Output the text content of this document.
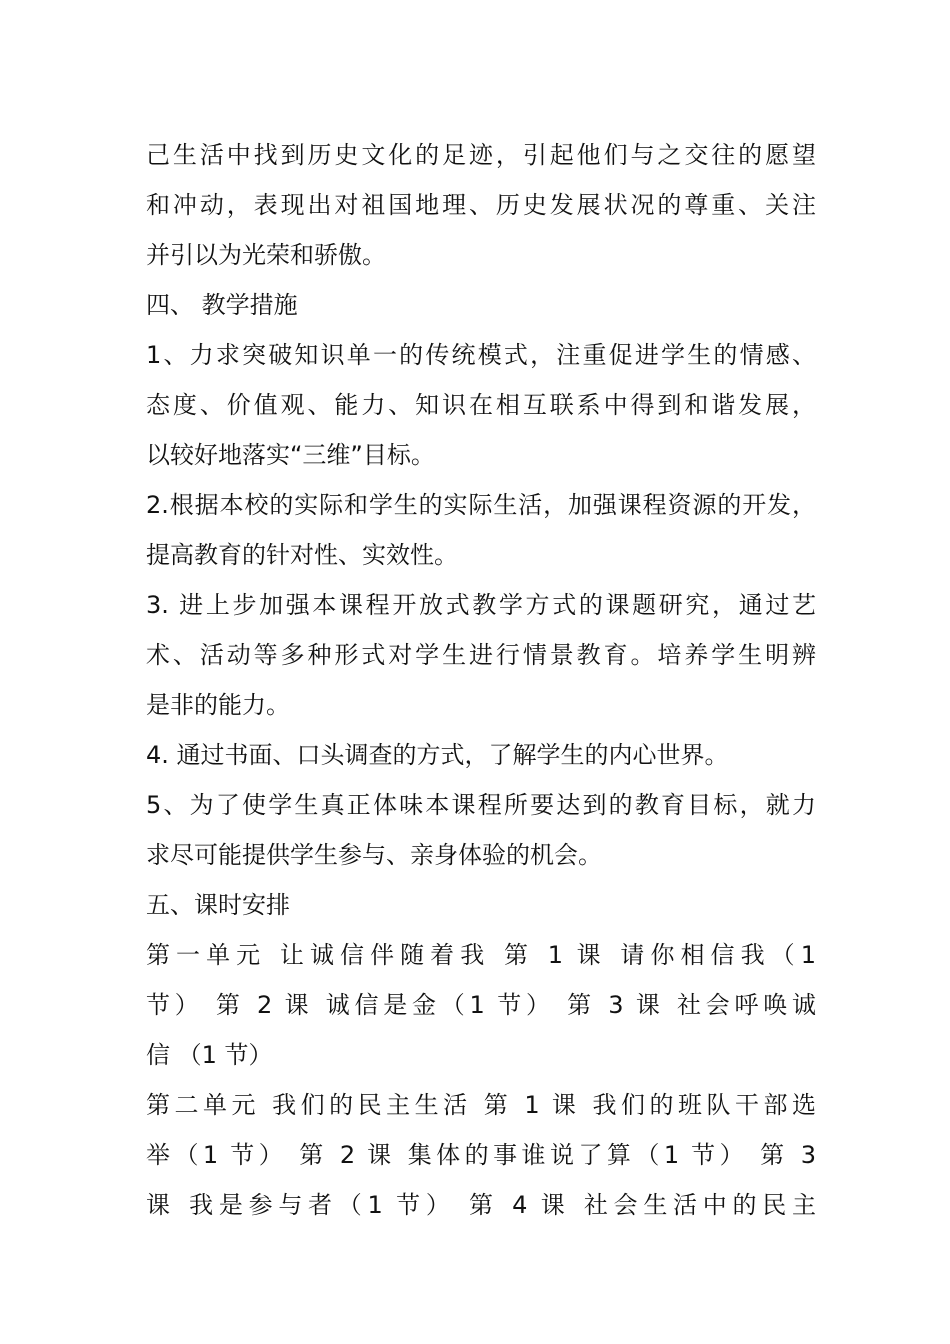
己生活中找到历史文化的足迹，引起他们与之交往的愿望
和冲动，表现出对祖国地理、历史发展状况的尊重、关注
并引以为光荣和骄傲。
四、 教学措施
1、力求突破知识单一的传统模式，注重促进学生的情感、
态度、价值观、能力、知识在相互联系中得到和谐发展，
以较好地落实“三维”目标。
2.根据本校的实际和学生的实际生活，加强课程资源的开发，
提高教育的针对性、实效性。
3. 进上步加强本课程开放式教学方式的课题研究，通过艺
术、活动等多种形式对学生进行情景教育。培养学生明辨
是非的能力。
4. 通过书面、口头调查的方式，了解学生的内心世界。
5、为了使学生真正体味本课程所要达到的教育目标，就力
求尽可能提供学生参与、亲身体验的机会。
五、课时安排
第一单元 让诚信伴随着我 第 1 课 请你相信我（1
节） 第 2 课 诚信是金（1 节） 第 3 课 社会呼唤诚
信 （1 节）
第二单元 我们的民主生活 第 1 课 我们的班队干部选
举（1 节） 第 2 课 集体的事谁说了算（1 节） 第 3
课 我是参与者（1 节） 第 4 课 社会生活中的民主
